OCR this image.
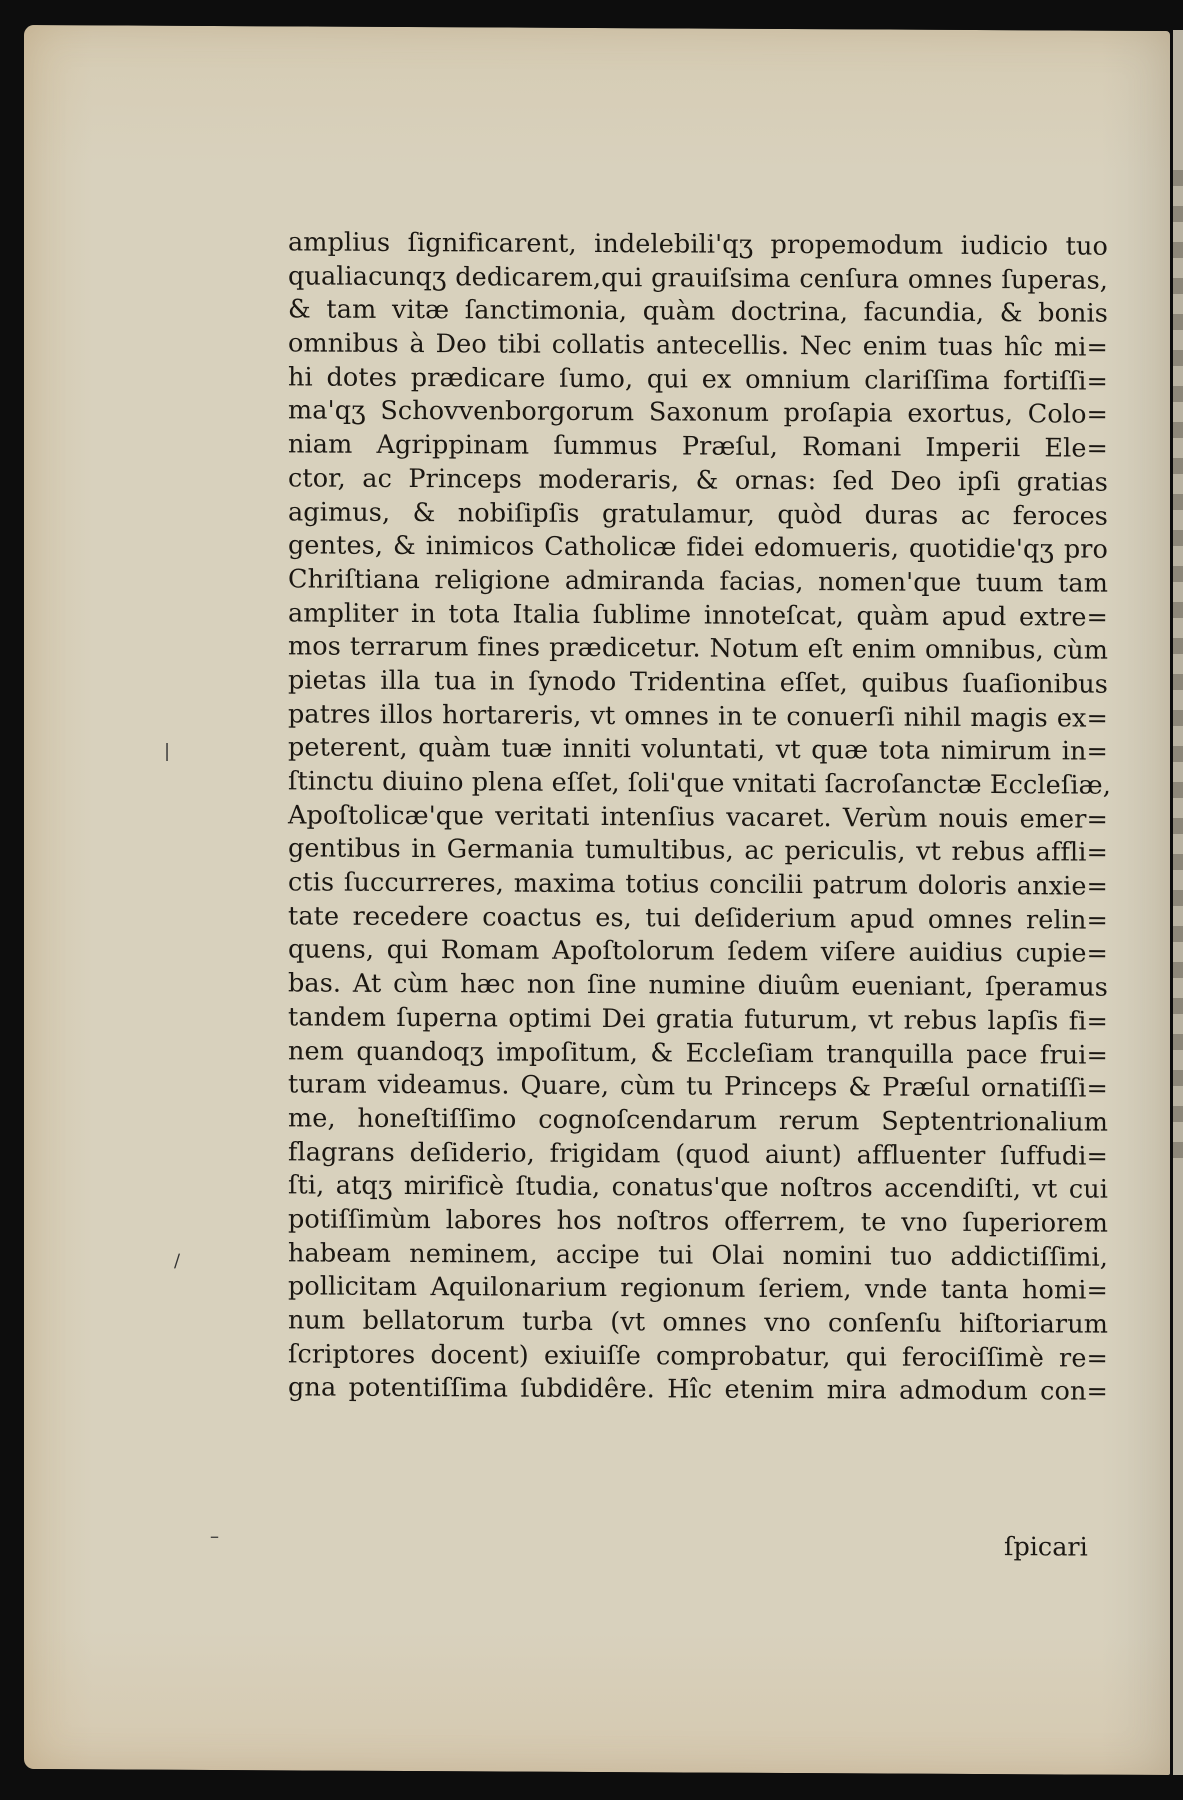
amplius ſignificarent, indelebili'qʒ propemodum iudicio tuo
qualiacunqʒ dedicarem,qui grauiſsima cenſura omnes ſuperas,
& tam vitæ ſanctimonia, quàm doctrina, facundia, & bonis
omnibus à Deo tibi collatis antecellis. Nec enim tuas hîc mi=
hi dotes prædicare ſumo, qui ex omnium clariſſima fortiſſi=
ma'qʒ Schovvenborgorum Saxonum proſapia exortus, Colo=
niam Agrippinam ſummus Præſul, Romani Imperii Ele=
ctor, ac Princeps moderaris, & ornas: ſed Deo ipſi gratias
agimus, & nobiſipſis gratulamur, quòd duras ac feroces
gentes, & inimicos Catholicæ fidei edomueris, quotidie'qʒ pro
Chriſtiana religione admiranda facias, nomen'que tuum tam
ampliter in tota Italia ſublime innoteſcat, quàm apud extre=
mos terrarum fines prædicetur. Notum eſt enim omnibus, cùm
pietas illa tua in ſynodo Tridentina eſſet, quibus ſuaſionibus
patres illos hortareris, vt omnes in te conuerſi nihil magis ex=
peterent, quàm tuæ inniti voluntati, vt quæ tota nimirum in=
ſtinctu diuino plena eſſet, ſoli'que vnitati ſacroſanctæ Eccleſiæ,
Apoſtolicæ'que veritati intenſius vacaret. Verùm nouis emer=
gentibus in Germania tumultibus, ac periculis, vt rebus affli=
ctis ſuccurreres, maxima totius concilii patrum doloris anxie=
tate recedere coactus es, tui deſiderium apud omnes relin=
quens, qui Romam Apoſtolorum ſedem viſere auidius cupie=
bas. At cùm hæc non ſine numine diuûm eueniant, ſperamus
tandem ſuperna optimi Dei gratia futurum, vt rebus lapſis fi=
nem quandoqʒ impoſitum, & Eccleſiam tranquilla pace frui=
turam videamus. Quare, cùm tu Princeps & Præſul ornatiſſi=
me, honeſtiſſimo cognoſcendarum rerum Septentrionalium
flagrans deſiderio, frigidam (quod aiunt) affluenter ſuffudi=
ſti, atqʒ mirificè ſtudia, conatus'que noſtros accendiſti, vt cui
potiſſimùm labores hos noſtros offerrem, te vno ſuperiorem
habeam neminem, accipe tui Olai nomini tuo addictiſſimi,
pollicitam Aquilonarium regionum ſeriem, vnde tanta homi=
num bellatorum turba (vt omnes vno conſenſu hiſtoriarum
ſcriptores docent) exiuiſſe comprobatur, qui ferociſſimè re=
gna potentiſſima ſubdidêre. Hîc etenim mira admodum con=
ſpicari
|
/
–
